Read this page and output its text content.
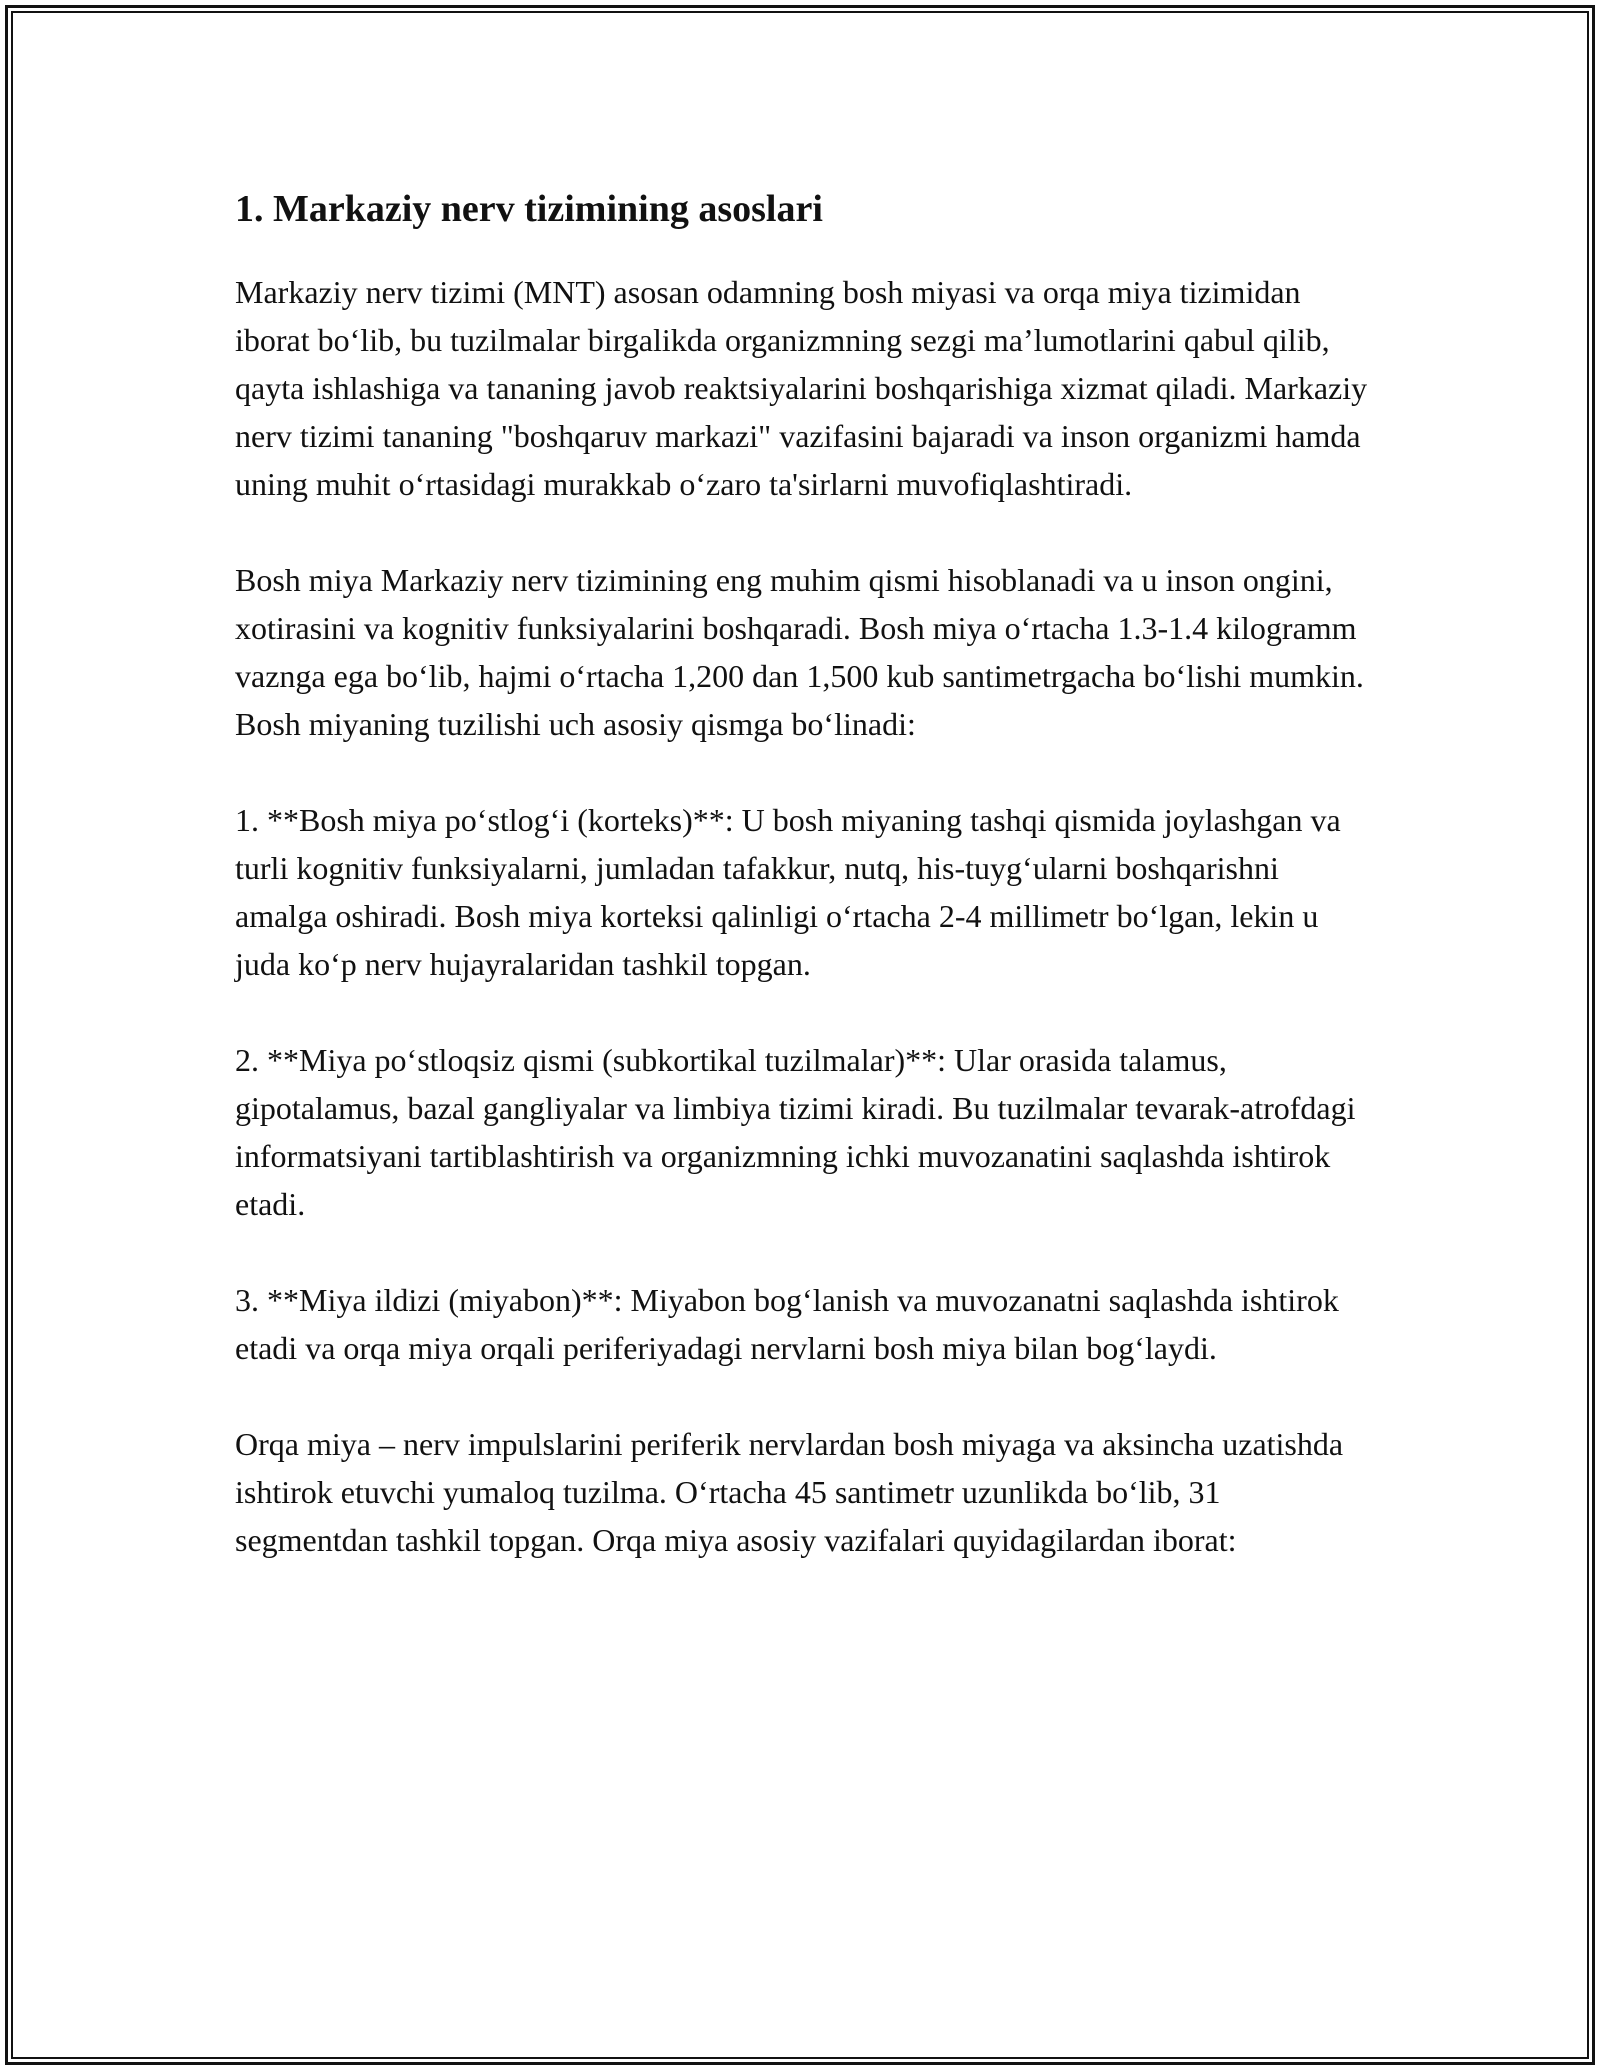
1. Markaziy nerv tizimining asoslari

Markaziy nerv tizimi (MNT) asosan odamning bosh miyasi va orqa miya tizimidan iborat bo‘lib, bu tuzilmalar birgalikda organizmning sezgi ma’lumotlarini qabul qilib, qayta ishlashiga va tananing javob reaktsiyalarini boshqarishiga xizmat qiladi. Markaziy nerv tizimi tananing "boshqaruv markazi" vazifasini bajaradi va inson organizmi hamda uning muhit o‘rtasidagi murakkab o‘zaro ta'sirlarni muvofiqlashtiradi.

Bosh miya Markaziy nerv tizimining eng muhim qismi hisoblanadi va u inson ongini, xotirasini va kognitiv funksiyalarini boshqaradi. Bosh miya o‘rtacha 1.3-1.4 kilogramm vaznga ega bo‘lib, hajmi o‘rtacha 1,200 dan 1,500 kub santimetrgacha bo‘lishi mumkin. Bosh miyaning tuzilishi uch asosiy qismga bo‘linadi:

1. **Bosh miya po‘stlog‘i (korteks)**: U bosh miyaning tashqi qismida joylashgan va turli kognitiv funksiyalarni, jumladan tafakkur, nutq, his-tuyg‘ularni boshqarishni amalga oshiradi. Bosh miya korteksi qalinligi o‘rtacha 2-4 millimetr bo‘lgan, lekin u juda ko‘p nerv hujayralaridan tashkil topgan.

2. **Miya po‘stloqsiz qismi (subkortikal tuzilmalar)**: Ular orasida talamus, gipotalamus, bazal gangliyalar va limbiya tizimi kiradi. Bu tuzilmalar tevarak-atrofdagi informatsiyani tartiblashtirish va organizmning ichki muvozanatini saqlashda ishtirok etadi.

3. **Miya ildizi (miyabon)**: Miyabon bog‘lanish va muvozanatni saqlashda ishtirok etadi va orqa miya orqali periferiyadagi nervlarni bosh miya bilan bog‘laydi.

Orqa miya – nerv impulslarini periferik nervlardan bosh miyaga va aksincha uzatishda ishtirok etuvchi yumaloq tuzilma. O‘rtacha 45 santimetr uzunlikda bo‘lib, 31 segmentdan tashkil topgan. Orqa miya asosiy vazifalari quyidagilardan iborat:
